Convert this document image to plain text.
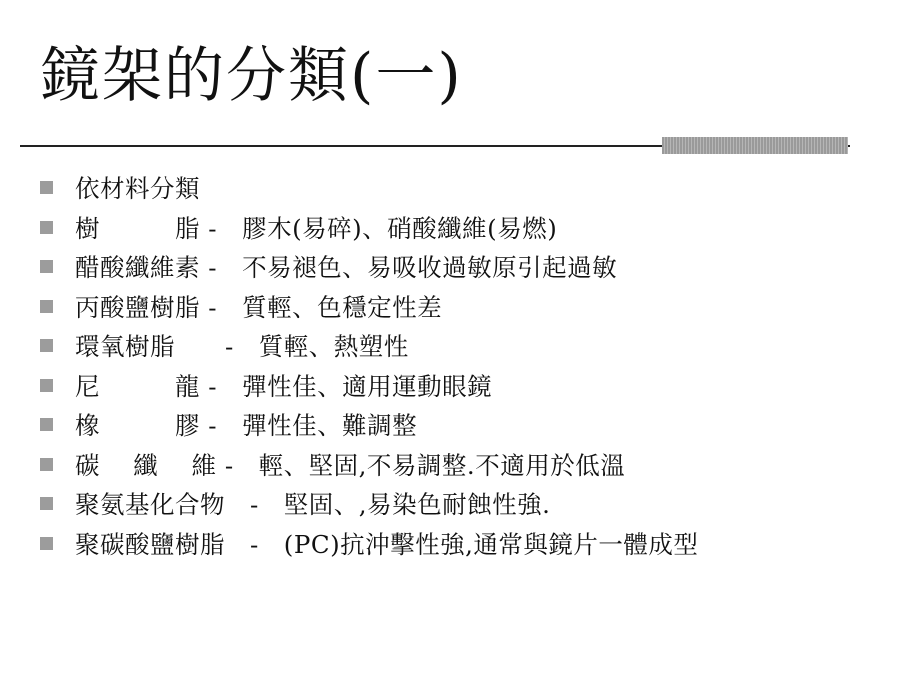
鏡架的分類(一)
依材料分類
樹　　　脂 -　膠木(易碎)、硝酸纖維(易燃)
醋酸纖維素 -　不易褪色、易吸收過敏原引起過敏
丙酸鹽樹脂 -　質輕、色穩定性差
環氧樹脂　　-　質輕、熱塑性
尼　　　龍 -　彈性佳、適用運動眼鏡
橡　　　膠 -　彈性佳、難調整
碳　 纖　 維 -　輕、堅固,不易調整.不適用於低溫
聚氨基化合物　-　堅固、,易染色耐蝕性強.
聚碳酸鹽樹脂　-　(PC)抗沖擊性強,通常與鏡片一體成型
